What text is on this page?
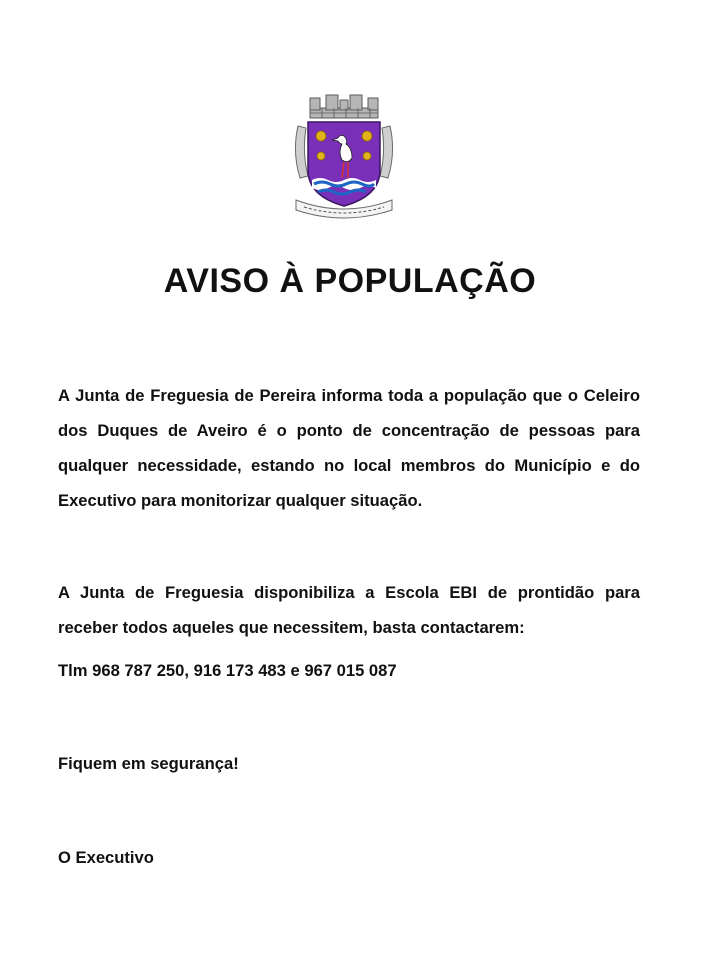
AVISO À POPULAÇÃO

A Junta de Freguesia de Pereira informa toda a população que o Celeiro dos Duques de Aveiro é o ponto de concentração de pessoas para qualquer necessidade, estando no local membros do Município e do Executivo para monitorizar qualquer situação.

A Junta de Freguesia disponibiliza a Escola EBI de prontidão para receber todos aqueles que necessitem, basta contactarem:

Tlm 968 787 250, 916 173 483 e 967 015 087

Fiquem em segurança!

O Executivo
